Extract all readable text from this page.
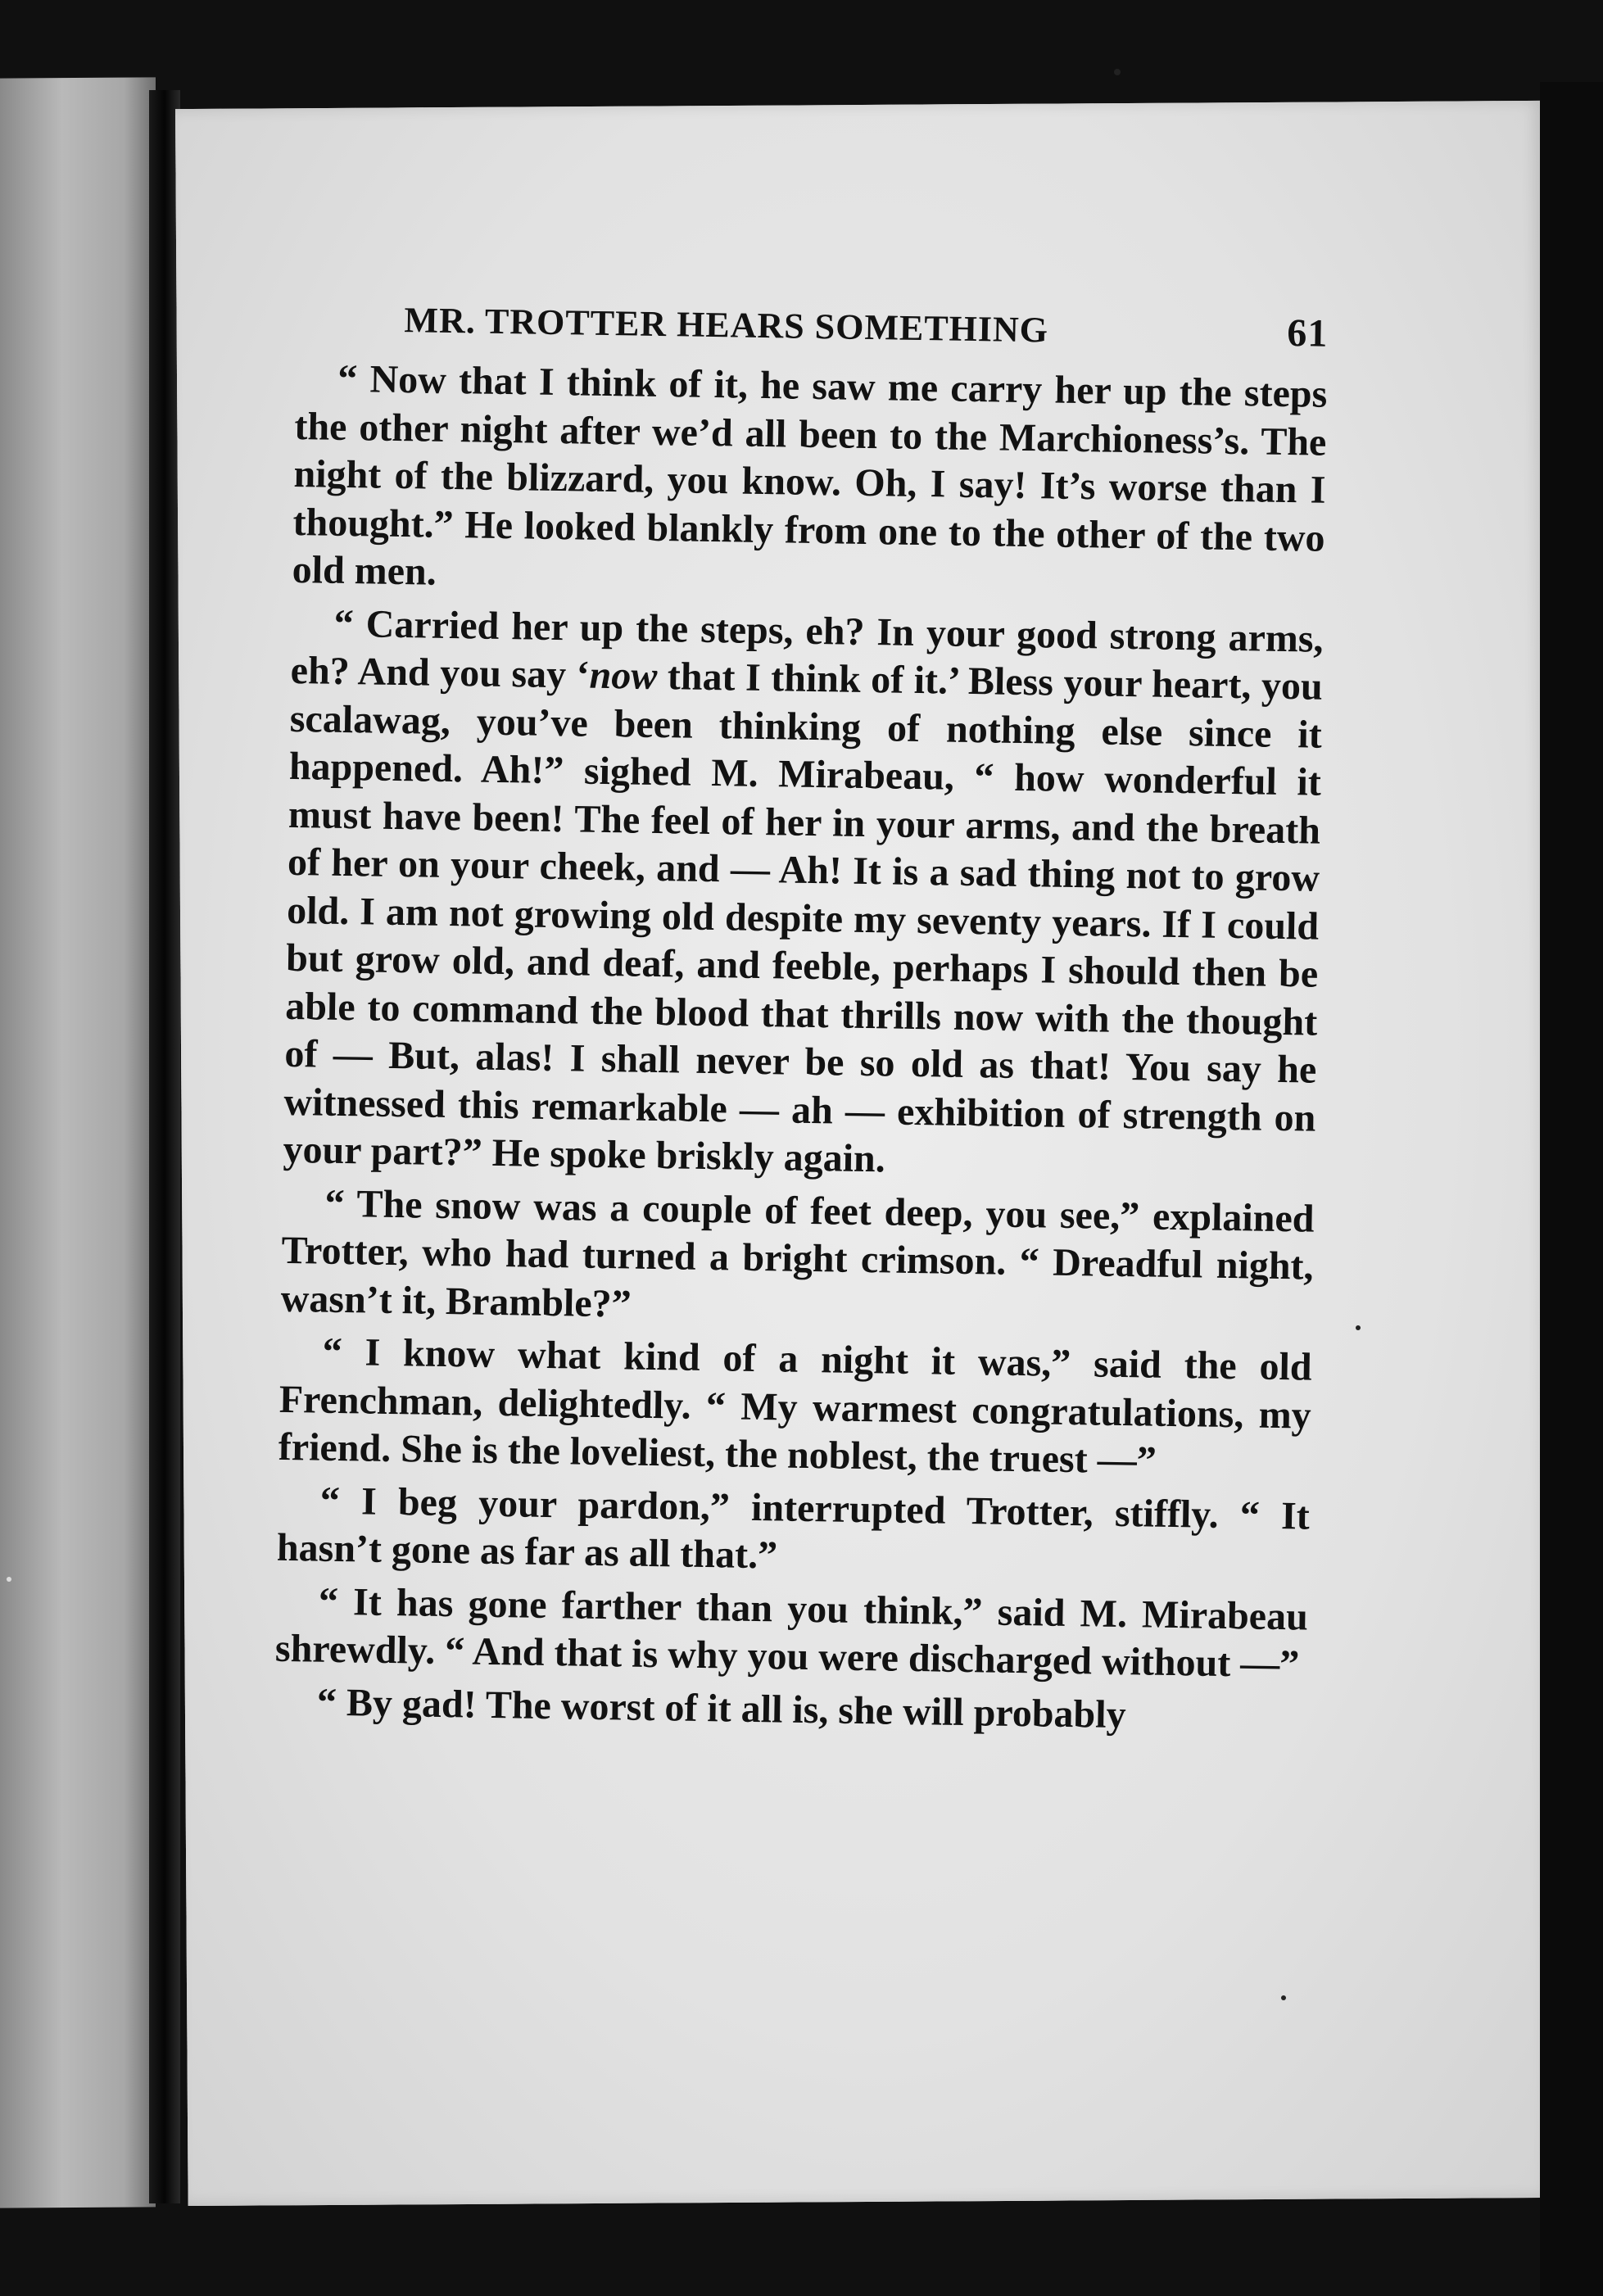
MR. TROTTER HEARS SOMETHING	61

“ Now that I think of it, he saw me carry her up the steps the other night after we’d all been to the Marchioness’s. The night of the blizzard, you know. Oh, I say! It’s worse than I thought.” He looked blankly from one to the other of the two old men.

“ Carried her up the steps, eh? In your good strong arms, eh? And you say ‘now that I think of it.’ Bless your heart, you scalawag, you’ve been thinking of nothing else since it happened. Ah!” sighed M. Mirabeau, “ how wonderful it must have been! The feel of her in your arms, and the breath of her on your cheek, and — Ah! It is a sad thing not to grow old. I am not growing old despite my seventy years. If I could but grow old, and deaf, and feeble, perhaps I should then be able to command the blood that thrills now with the thought of — But, alas! I shall never be so old as that! You say he witnessed this remarkable — ah — exhibition of strength on your part?” He spoke briskly again.

“ The snow was a couple of feet deep, you see,” explained Trotter, who had turned a bright crimson. “ Dreadful night, wasn’t it, Bramble?”

“ I know what kind of a night it was,” said the old Frenchman, delightedly. “ My warmest congratulations, my friend. She is the loveliest, the noblest, the truest —”

“ I beg your pardon,” interrupted Trotter, stiffly. “ It hasn’t gone as far as all that.”

“ It has gone farther than you think,” said M. Mirabeau shrewdly. “ And that is why you were discharged without —”

“ By gad! The worst of it all is, she will probably
